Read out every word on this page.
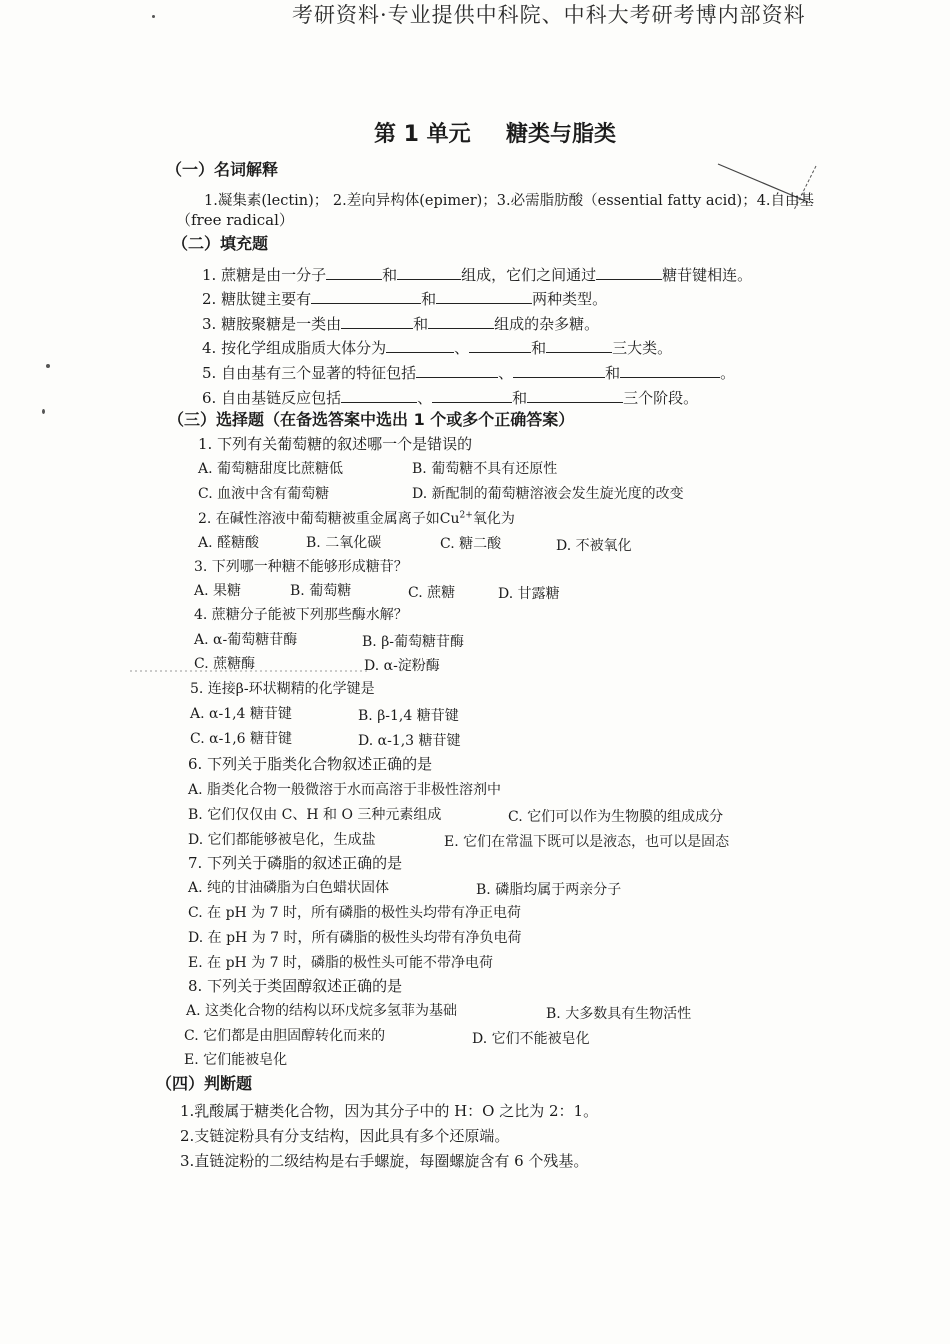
考研资料·专业提供中科院、中科大考研考博内部资料
第 1 单元 糖类与脂类
（一）名词解释
1.凝集素(lectin)； 2.差向异构体(epimer)；3.必需脂肪酸（essential fatty acid)；4.自由基
（free radical）
（二）填充题
1. 蔗糖是由一分子	和	组成，它们之间通过	糖苷键相连。
2. 糖肽键主要有	和	两种类型。
3. 糖胺聚糖是一类由	和	组成的杂多糖。
4. 按化学组成脂质大体分为	、	和	三大类。
5. 自由基有三个显著的特征包括	、	和	。
6. 自由基链反应包括	、	和	三个阶段。
（三）选择题（在备选答案中选出 1 个或多个正确答案）
1. 下列有关葡萄糖的叙述哪一个是错误的
A. 葡萄糖甜度比蔗糖低	B. 葡萄糖不具有还原性
C. 血液中含有葡萄糖	D. 新配制的葡萄糖溶液会发生旋光度的改变
2. 在碱性溶液中葡萄糖被重金属离子如$Cu^{2+}$氧化为
A. 醛糖酸	B. 二氧化碳	C. 糖二酸	D. 不被氧化
3. 下列哪一种糖不能够形成糖苷？
A. 果糖	B. 葡萄糖	C. 蔗糖	D. 甘露糖
4. 蔗糖分子能被下列那些酶水解？
A. α-葡萄糖苷酶	B. β-葡萄糖苷酶
C. 蔗糖酶	D. α-淀粉酶
5. 连接β-环状糊精的化学键是
A. α-1,4 糖苷键	B. β-1,4 糖苷键
C. α-1,6 糖苷键	D. α-1,3 糖苷键
6. 下列关于脂类化合物叙述正确的是
A. 脂类化合物一般微溶于水而高溶于非极性溶剂中
B. 它们仅仅由 C、H 和 O 三种元素组成	C. 它们可以作为生物膜的组成成分
D. 它们都能够被皂化，生成盐	E. 它们在常温下既可以是液态，也可以是固态
7. 下列关于磷脂的叙述正确的是
A. 纯的甘油磷脂为白色蜡状固体	B. 磷脂均属于两亲分子
C. 在 pH 为 7 时，所有磷脂的极性头均带有净正电荷
D. 在 pH 为 7 时，所有磷脂的极性头均带有净负电荷
E. 在 pH 为 7 时，磷脂的极性头可能不带净电荷
8. 下列关于类固醇叙述正确的是
A. 这类化合物的结构以环戊烷多氢菲为基础	B. 大多数具有生物活性
C. 它们都是由胆固醇转化而来的	D. 它们不能被皂化
E. 它们能被皂化
（四）判断题
1.乳酸属于糖类化合物，因为其分子中的 H：O 之比为 2：1。
2.支链淀粉具有分支结构，因此具有多个还原端。
3.直链淀粉的二级结构是右手螺旋，每圈螺旋含有 6 个残基。
